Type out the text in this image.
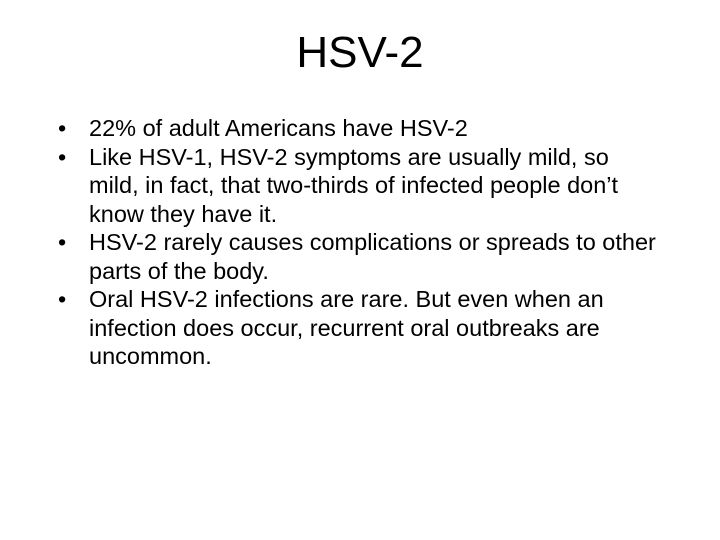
HSV-2
• 22% of adult Americans have HSV-2
• Like HSV-1, HSV-2 symptoms are usually mild, so mild, in fact, that two-thirds of infected people don’t know they have it.
• HSV-2 rarely causes complications or spreads to other parts of the body.
• Oral HSV-2 infections are rare. But even when an infection does occur, recurrent oral outbreaks are uncommon.
